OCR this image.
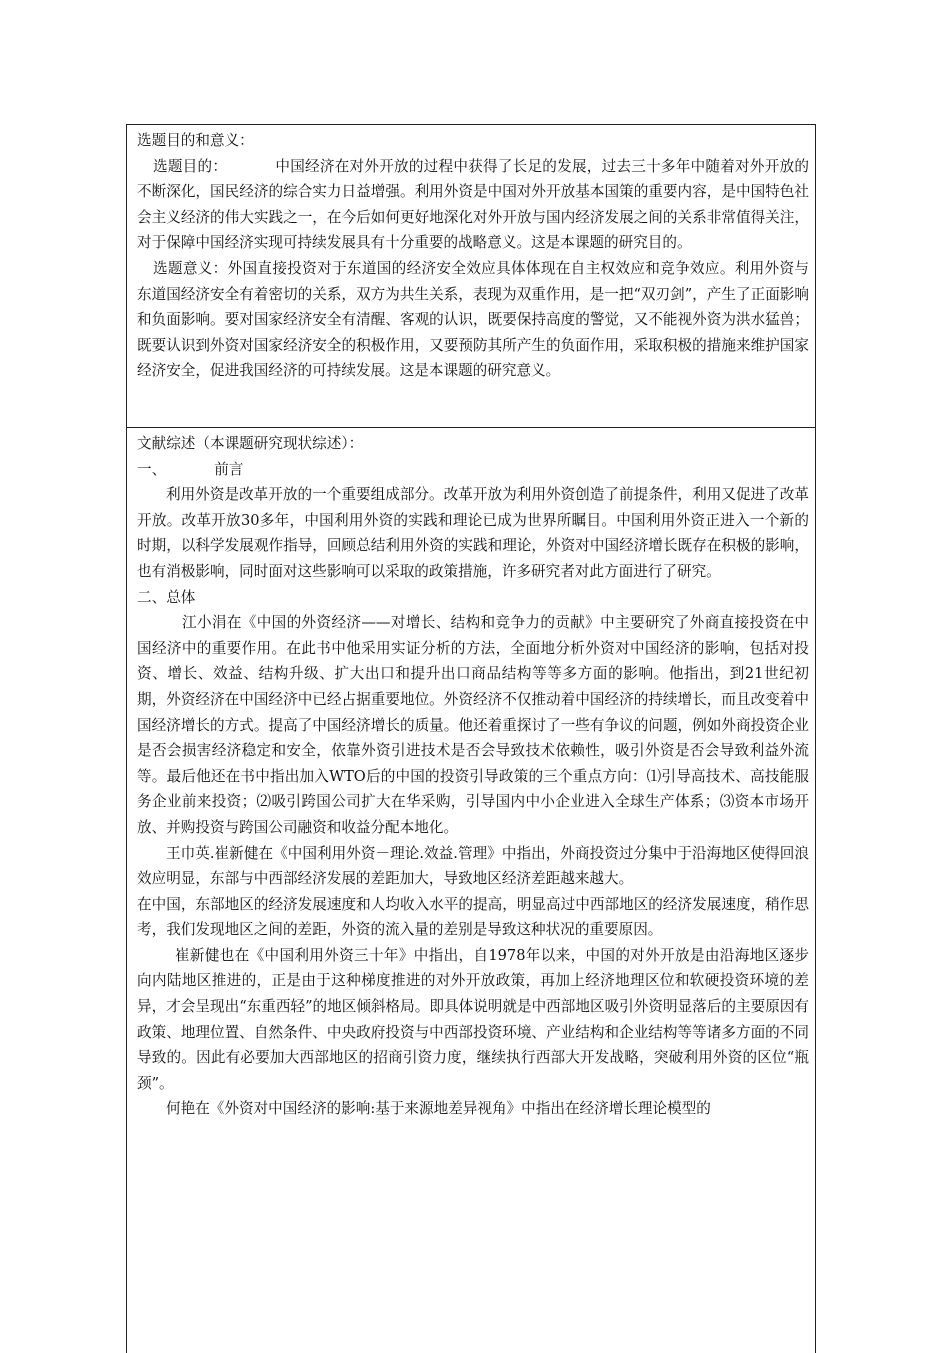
选题目的和意义：

选题目的：	中国经济在对外开放的过程中获得了长足的发展，过去三十多年中随着对外开放的不断深化，国民经济的综合实力日益增强。利用外资是中国对外开放基本国策的重要内容，是中国特色社会主义经济的伟大实践之一，在今后如何更好地深化对外开放与国内经济发展之间的关系非常值得关注，对于保障中国经济实现可持续发展具有十分重要的战略意义。这是本课题的研究目的。

选题意义：外国直接投资对于东道国的经济安全效应具体体现在自主权效应和竞争效应。利用外资与东道国经济安全有着密切的关系，双方为共生关系，表现为双重作用，是一把“双刃剑”，产生了正面影响和负面影响。要对国家经济安全有清醒、客观的认识，既要保持高度的警觉，又不能视外资为洪水猛兽；既要认识到外资对国家经济安全的积极作用，又要预防其所产生的负面作用，采取积极的措施来维护国家经济安全，促进我国经济的可持续发展。这是本课题的研究意义。

文献综述（本课题研究现状综述）：

一、	前言

利用外资是改革开放的一个重要组成部分。改革开放为利用外资创造了前提条件，利用又促进了改革开放。改革开放30多年，中国利用外资的实践和理论已成为世界所瞩目。中国利用外资正进入一个新的时期，以科学发展观作指导，回顾总结利用外资的实践和理论，外资对中国经济增长既存在积极的影响，也有消极影响，同时面对这些影响可以采取的政策措施，许多研究者对此方面进行了研究。

二、总体

江小涓在《中国的外资经济——对增长、结构和竞争力的贡献》中主要研究了外商直接投资在中国经济中的重要作用。在此书中他采用实证分析的方法，全面地分析外资对中国经济的影响，包括对投资、增长、效益、结构升级、扩大出口和提升出口商品结构等等多方面的影响。他指出，到21世纪初期，外资经济在中国经济中已经占据重要地位。外资经济不仅推动着中国经济的持续增长，而且改变着中国经济增长的方式。提高了中国经济增长的质量。他还着重探讨了一些有争议的问题，例如外商投资企业是否会损害经济稳定和安全，依靠外资引进技术是否会导致技术依赖性，吸引外资是否会导致利益外流等。最后他还在书中指出加入WTO后的中国的投资引导政策的三个重点方向：⑴引导高技术、高技能服务企业前来投资；⑵吸引跨国公司扩大在华采购，引导国内中小企业进入全球生产体系；⑶资本市场开放、并购投资与跨国公司融资和收益分配本地化。

王巾英.崔新健在《中国利用外资－理论.效益.管理》中指出，外商投资过分集中于沿海地区使得回浪效应明显，东部与中西部经济发展的差距加大，导致地区经济差距越来越大。

在中国，东部地区的经济发展速度和人均收入水平的提高，明显高过中西部地区的经济发展速度，稍作思考，我们发现地区之间的差距，外资的流入量的差别是导致这种状况的重要原因。

崔新健也在《中国利用外资三十年》中指出，自1978年以来，中国的对外开放是由沿海地区逐步向内陆地区推进的，正是由于这种梯度推进的对外开放政策，再加上经济地理区位和软硬投资环境的差异，才会呈现出“东重西轻”的地区倾斜格局。即具体说明就是中西部地区吸引外资明显落后的主要原因有政策、地理位置、自然条件、中央政府投资与中西部投资环境、产业结构和企业结构等等诸多方面的不同导致的。因此有必要加大西部地区的招商引资力度，继续执行西部大开发战略，突破利用外资的区位“瓶颈”。

何艳在《外资对中国经济的影响:基于来源地差异视角》中指出在经济增长理论模型的
